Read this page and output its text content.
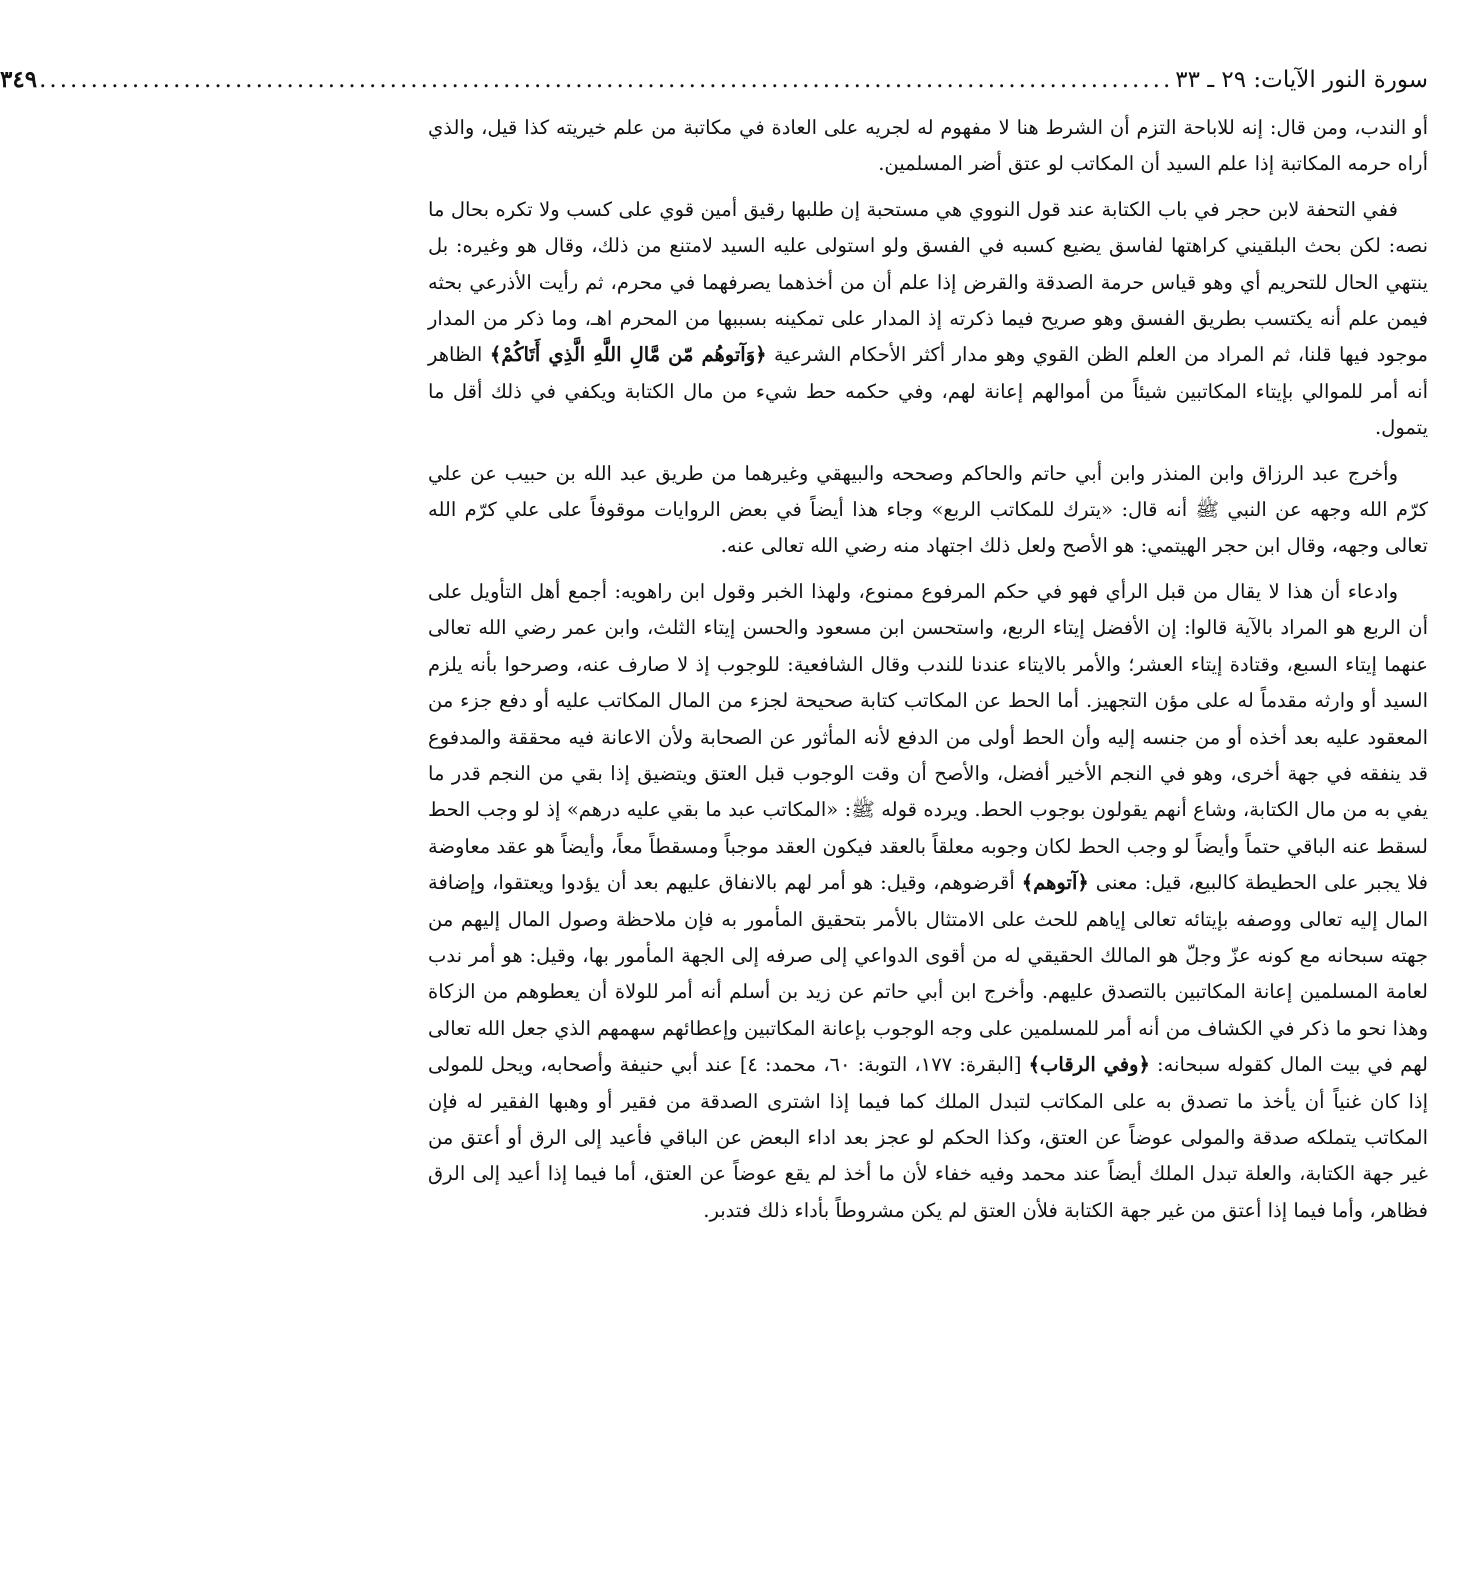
سورة النور الآيات: ٢٩ ـ ٣٣
..............................................................................................................
٣٤٩

أو الندب، ومن قال: إنه للاباحة التزم أن الشرط هنا لا مفهوم له لجريه على العادة في مكاتبة من علم خيريته كذا قيل، والذي أراه حرمه المكاتبة إذا علم السيد أن المكاتب لو عتق أضر المسلمين.

ففي التحفة لابن حجر في باب الكتابة عند قول النووي هي مستحبة إن طلبها رقيق أمين قوي على كسب ولا تكره بحال ما نصه: لكن بحث البلقيني كراهتها لفاسق يضيع كسبه في الفسق ولو استولى عليه السيد لامتنع من ذلك، وقال هو وغيره: بل ينتهي الحال للتحريم أي وهو قياس حرمة الصدقة والقرض إذا علم أن من أخذهما يصرفهما في محرم، ثم رأيت الأذرعي بحثه فيمن علم أنه يكتسب بطريق الفسق وهو صريح فيما ذكرته إذ المدار على تمكينه بسببها من المحرم اهـ، وما ذكر من المدار موجود فيها قلنا، ثم المراد من العلم الظن القوي وهو مدار أكثر الأحكام الشرعية ﴿وَآتوهُم مّن مَّالِ اللَّهِ الَّذِي أَتَاكُمْ﴾ الظاهر أنه أمر للموالي بإيتاء المكاتبين شيئاً من أموالهم إعانة لهم، وفي حكمه حط شيء من مال الكتابة ويكفي في ذلك أقل ما يتمول.

وأخرج عبد الرزاق وابن المنذر وابن أبي حاتم والحاكم وصححه والبيهقي وغيرهما من طريق عبد الله بن حبيب عن علي كرّم الله وجهه عن النبي ﷺ أنه قال: «يترك للمكاتب الربع» وجاء هذا أيضاً في بعض الروايات موقوفاً على علي كرّم الله تعالى وجهه، وقال ابن حجر الهيتمي: هو الأصح ولعل ذلك اجتهاد منه رضي الله تعالى عنه.

وادعاء أن هذا لا يقال من قبل الرأي فهو في حكم المرفوع ممنوع، ولهذا الخبر وقول ابن راهويه: أجمع أهل التأويل على أن الربع هو المراد بالآية قالوا: إن الأفضل إيتاء الربع، واستحسن ابن مسعود والحسن إيتاء الثلث، وابن عمر رضي الله تعالى عنهما إيتاء السبع، وقتادة إيتاء العشر؛ والأمر بالايتاء عندنا للندب وقال الشافعية: للوجوب إذ لا صارف عنه، وصرحوا بأنه يلزم السيد أو وارثه مقدماً له على مؤن التجهيز. أما الحط عن المكاتب كتابة صحيحة لجزء من المال المكاتب عليه أو دفع جزء من المعقود عليه بعد أخذه أو من جنسه إليه وأن الحط أولى من الدفع لأنه المأثور عن الصحابة ولأن الاعانة فيه محققة والمدفوع قد ينفقه في جهة أخرى، وهو في النجم الأخير أفضل، والأصح أن وقت الوجوب قبل العتق ويتضيق إذا بقي من النجم قدر ما يفي به من مال الكتابة، وشاع أنهم يقولون بوجوب الحط. ويرده قوله ﷺ: «المكاتب عبد ما بقي عليه درهم» إذ لو وجب الحط لسقط عنه الباقي حتماً وأيضاً لو وجب الحط لكان وجوبه معلقاً بالعقد فيكون العقد موجباً ومسقطاً معاً، وأيضاً هو عقد معاوضة فلا يجبر على الحطيطة كالبيع، قيل: معنى ﴿آتوهم﴾ أقرضوهم، وقيل: هو أمر لهم بالانفاق عليهم بعد أن يؤدوا ويعتقوا، وإضافة المال إليه تعالى ووصفه بإيتائه تعالى إياهم للحث على الامتثال بالأمر بتحقيق المأمور به فإن ملاحظة وصول المال إليهم من جهته سبحانه مع كونه عزّ وجلّ هو المالك الحقيقي له من أقوى الدواعي إلى صرفه إلى الجهة المأمور بها، وقيل: هو أمر ندب لعامة المسلمين إعانة المكاتبين بالتصدق عليهم. وأخرج ابن أبي حاتم عن زيد بن أسلم أنه أمر للولاة أن يعطوهم من الزكاة وهذا نحو ما ذكر في الكشاف من أنه أمر للمسلمين على وجه الوجوب بإعانة المكاتبين وإعطائهم سهمهم الذي جعل الله تعالى لهم في بيت المال كقوله سبحانه: ﴿وفي الرقاب﴾ [البقرة: ١٧٧، التوبة: ٦٠، محمد: ٤] عند أبي حنيفة وأصحابه، ويحل للمولى إذا كان غنياً أن يأخذ ما تصدق به على المكاتب لتبدل الملك كما فيما إذا اشترى الصدقة من فقير أو وهبها الفقير له فإن المكاتب يتملكه صدقة والمولى عوضاً عن العتق، وكذا الحكم لو عجز بعد اداء البعض عن الباقي فأعيد إلى الرق أو أعتق من غير جهة الكتابة، والعلة تبدل الملك أيضاً عند محمد وفيه خفاء لأن ما أخذ لم يقع عوضاً عن العتق، أما فيما إذا أعيد إلى الرق فظاهر، وأما فيما إذا أعتق من غير جهة الكتابة فلأن العتق لم يكن مشروطاً بأداء ذلك فتدبر.
